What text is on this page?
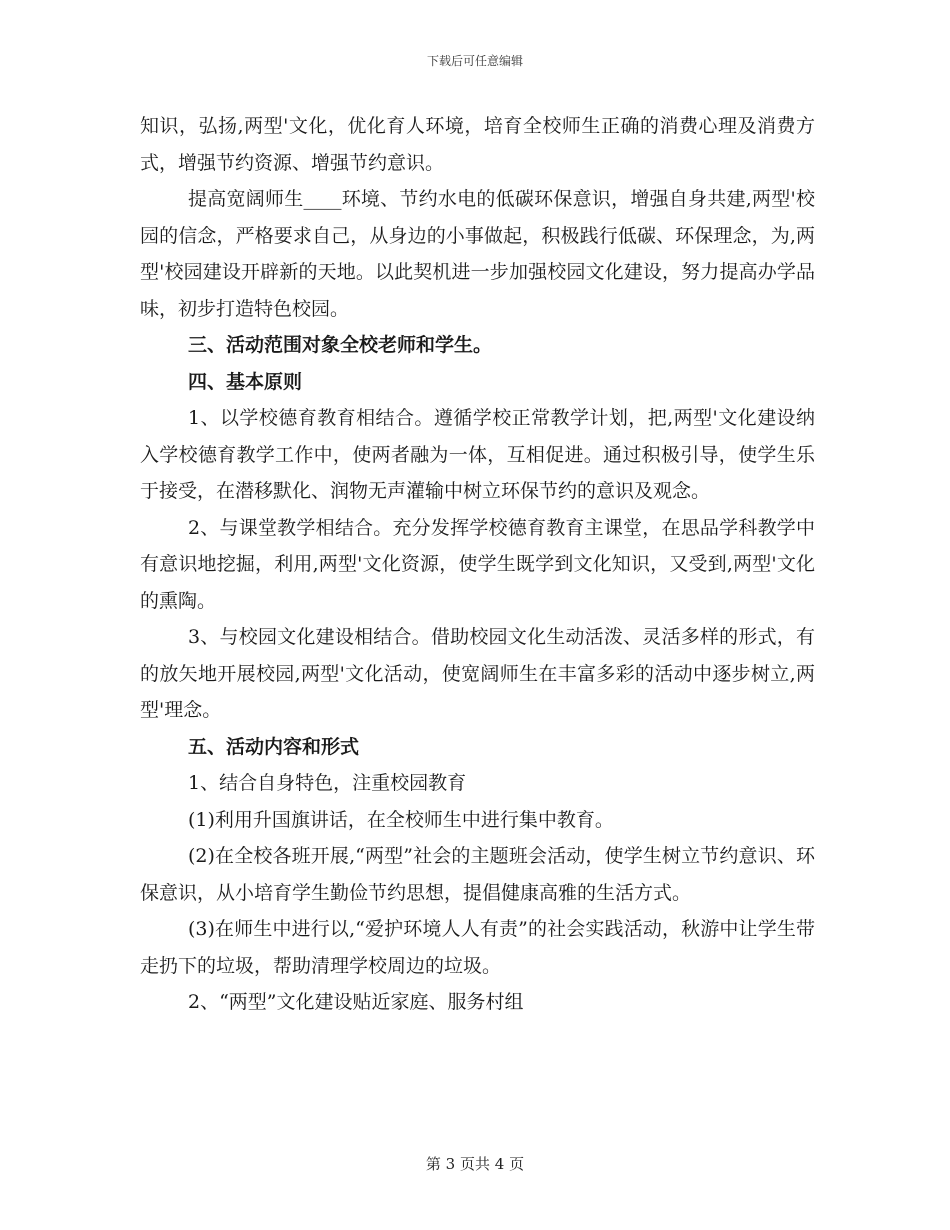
下载后可任意编辑

知识，弘扬,两型'文化，优化育人环境，培育全校师生正确的消费心理及消费方式，增强节约资源、增强节约意识。

提高宽阔师生____环境、节约水电的低碳环保意识，增强自身共建,两型'校园的信念，严格要求自己，从身边的小事做起，积极践行低碳、环保理念，为,两型'校园建设开辟新的天地。以此契机进一步加强校园文化建设，努力提高办学品味，初步打造特色校园。

三、活动范围对象全校老师和学生。

四、基本原则

1、以学校德育教育相结合。遵循学校正常教学计划，把,两型'文化建设纳入学校德育教学工作中，使两者融为一体，互相促进。通过积极引导，使学生乐于接受，在潜移默化、润物无声灌输中树立环保节约的意识及观念。

2、与课堂教学相结合。充分发挥学校德育教育主课堂，在思品学科教学中有意识地挖掘，利用,两型'文化资源，使学生既学到文化知识，又受到,两型'文化的熏陶。

3、与校园文化建设相结合。借助校园文化生动活泼、灵活多样的形式，有的放矢地开展校园,两型'文化活动，使宽阔师生在丰富多彩的活动中逐步树立,两型'理念。

五、活动内容和形式

1、结合自身特色，注重校园教育

(1)利用升国旗讲话，在全校师生中进行集中教育。

(2)在全校各班开展,“两型”社会的主题班会活动，使学生树立节约意识、环保意识，从小培育学生勤俭节约思想，提倡健康高雅的生活方式。

(3)在师生中进行以,“爱护环境人人有责”的社会实践活动，秋游中让学生带走扔下的垃圾，帮助清理学校周边的垃圾。

2、“两型”文化建设贴近家庭、服务村组

第 3 页共 4 页
